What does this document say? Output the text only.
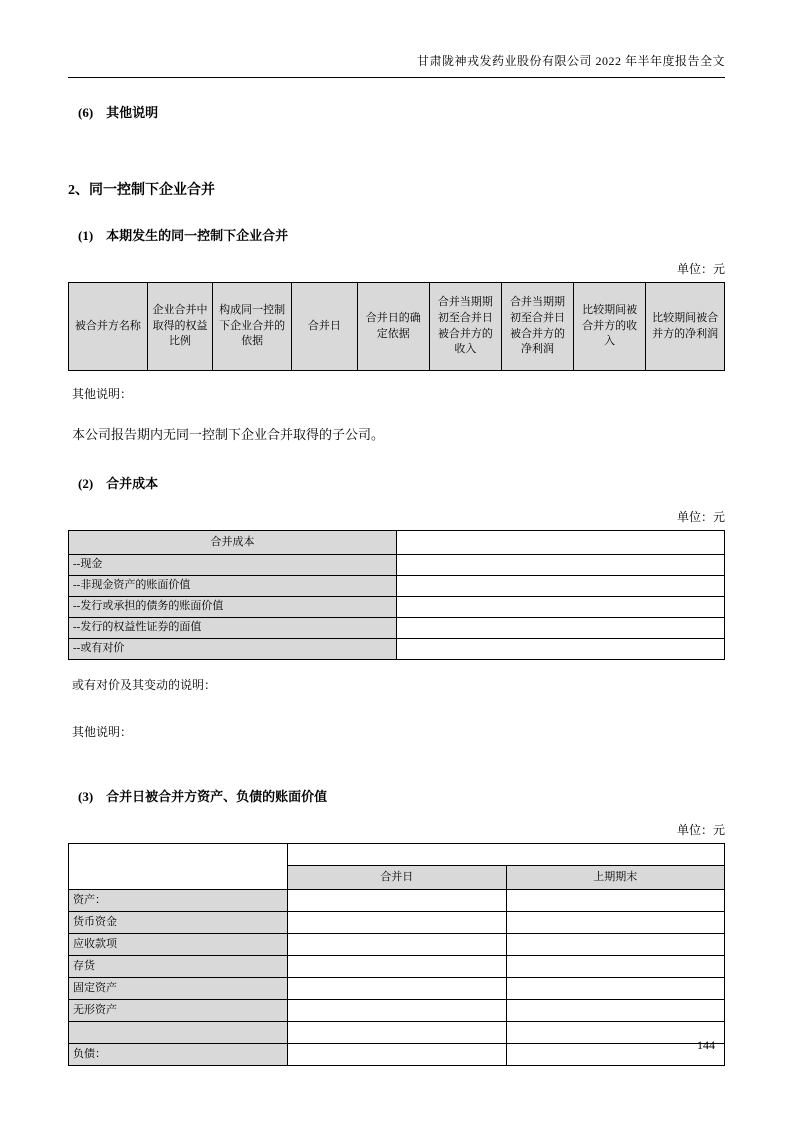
甘肃陇神戎发药业股份有限公司 2022 年半年度报告全文
(6)　其他说明
2、同一控制下企业合并
(1)　本期发生的同一控制下企业合并
单位：元
被合并方名称	企业合并中取得的权益比例	构成同一控制下企业合并的依据	合并日	合并日的确定依据	合并当期期初至合并日被合并方的收入	合并当期期初至合并日被合并方的净利润	比较期间被合并方的收入	比较期间被合并方的净利润
其他说明：
本公司报告期内无同一控制下企业合并取得的子公司。
(2)　合并成本
单位：元
合并成本	
--现金	
--非现金资产的账面价值	
--发行或承担的债务的账面价值	
--发行的权益性证券的面值	
--或有对价	
或有对价及其变动的说明：
其他说明：
(3)　合并日被合并方资产、负债的账面价值
单位：元

	合并日	上期期末
资产：		
货币资金		
应收款项		
存货		
固定资产		
无形资产		

负债：		
144
